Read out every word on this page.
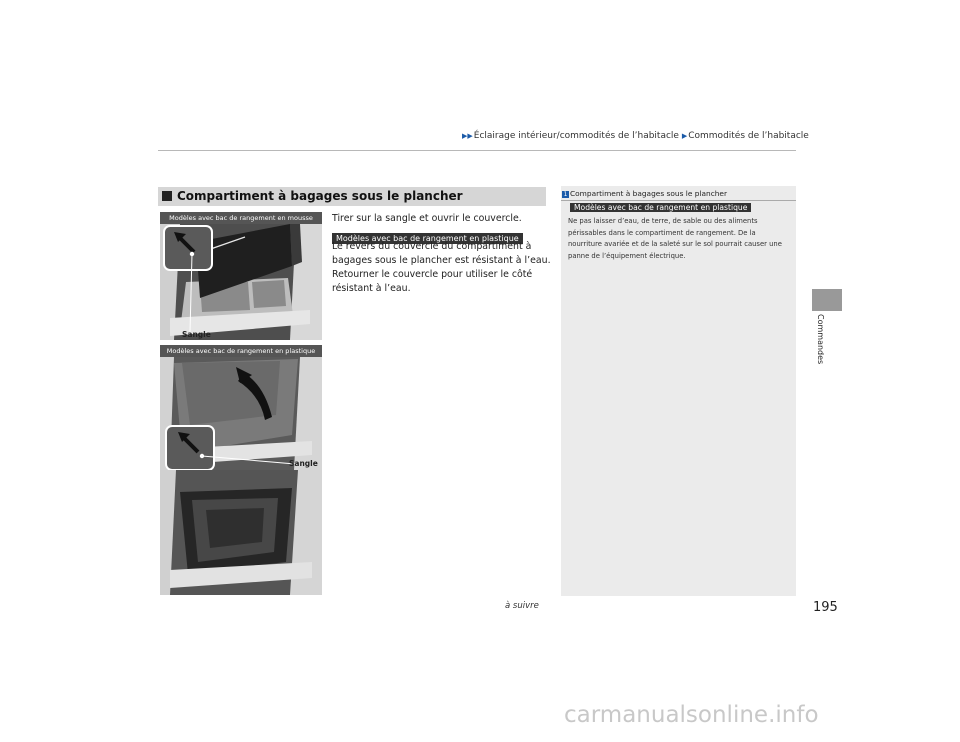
▶▶Éclairage intérieur/commodités de l’habitacle ▶Commodités de l’habitacle
Compartiment à bagages sous le plancher
Modèles avec bac de rangement en mousse
Sangle
Modèles avec bac de rangement en plastique
Sangle
Tirer sur la sangle et ouvrir le couvercle.
Modèles avec bac de rangement en plastique
Le revers du couvercle du compartiment à bagages sous le plancher est résistant à l’eau. Retourner le couvercle pour utiliser le côté résistant à l’eau.
1 Compartiment à bagages sous le plancher
Modèles avec bac de rangement en plastique
Ne pas laisser d’eau, de terre, de sable ou des aliments périssables dans le compartiment de rangement. De la nourriture avariée et de la saleté sur le sol pourrait causer une panne de l’équipement électrique.
Commandes
à suivre	195
carmanualsonline.info
